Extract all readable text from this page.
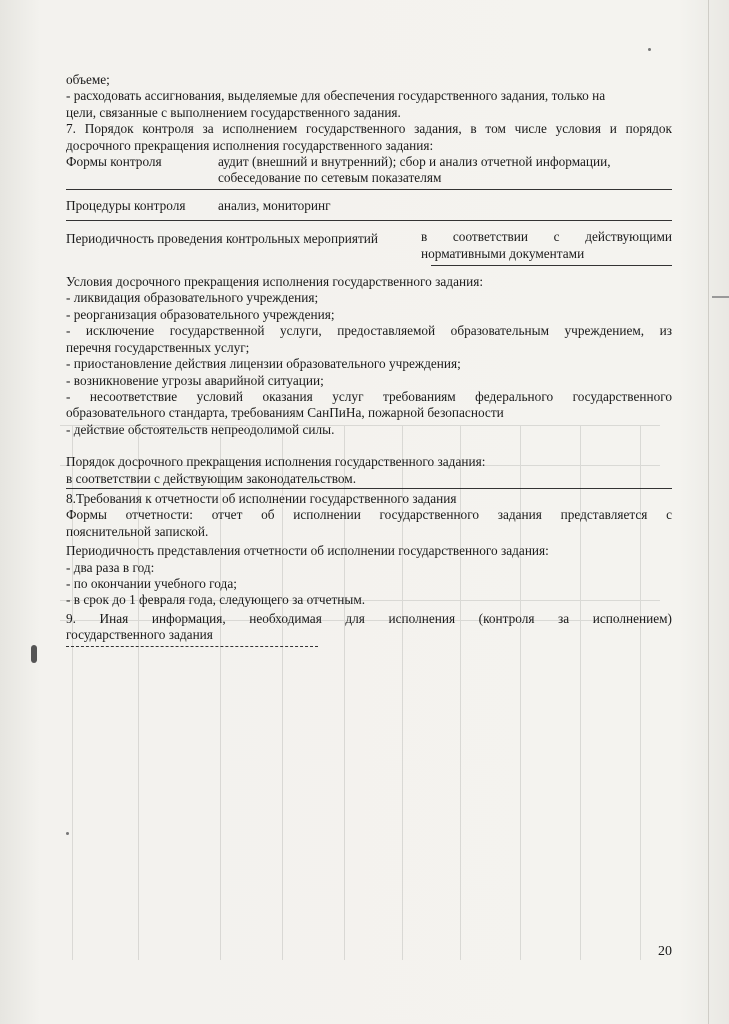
объеме;

- расходовать ассигнования, выделяемые для обеспечения государственного задания, только на

цели, связанные с выполнением государственного задания.

7. Порядок контроля за исполнением государственного задания, в том числе условия и порядок

досрочного прекращения исполнения государственного задания:

Формы контроля	аудит (внешний и внутренний); сбор и анализ отчетной информации,

собеседование по сетевым показателям

Процедуры контроля	анализ, мониторинг
Периодичность проведения контрольных мероприятий	в соответствии с действующими

нормативными документами

Условия досрочного прекращения исполнения государственного задания:

- ликвидация образовательного учреждения;

- реорганизация образовательного учреждения;

- исключение государственной услуги, предоставляемой образовательным учреждением, из

перечня государственных услуг;

- приостановление действия лицензии образовательного учреждения;

- возникновение угрозы аварийной ситуации;

- несоответствие условий оказания услуг требованиям федерального государственного

образовательного стандарта, требованиям СанПиНа, пожарной безопасности

- действие обстоятельств непреодолимой силы.

Порядок досрочного прекращения исполнения государственного задания:

в соответствии с действующим законодательством.

8.Требования к отчетности об исполнении государственного задания

Формы отчетности: отчет об исполнении государственного задания представляется с

пояснительной запиской.

Периодичность представления отчетности об исполнении государственного задания:

- два раза в год:

- по окончании учебного года;

- в срок до 1 февраля года, следующего за отчетным.

9. Иная информация, необходимая для исполнения (контроля за исполнением)

государственного задания

20
